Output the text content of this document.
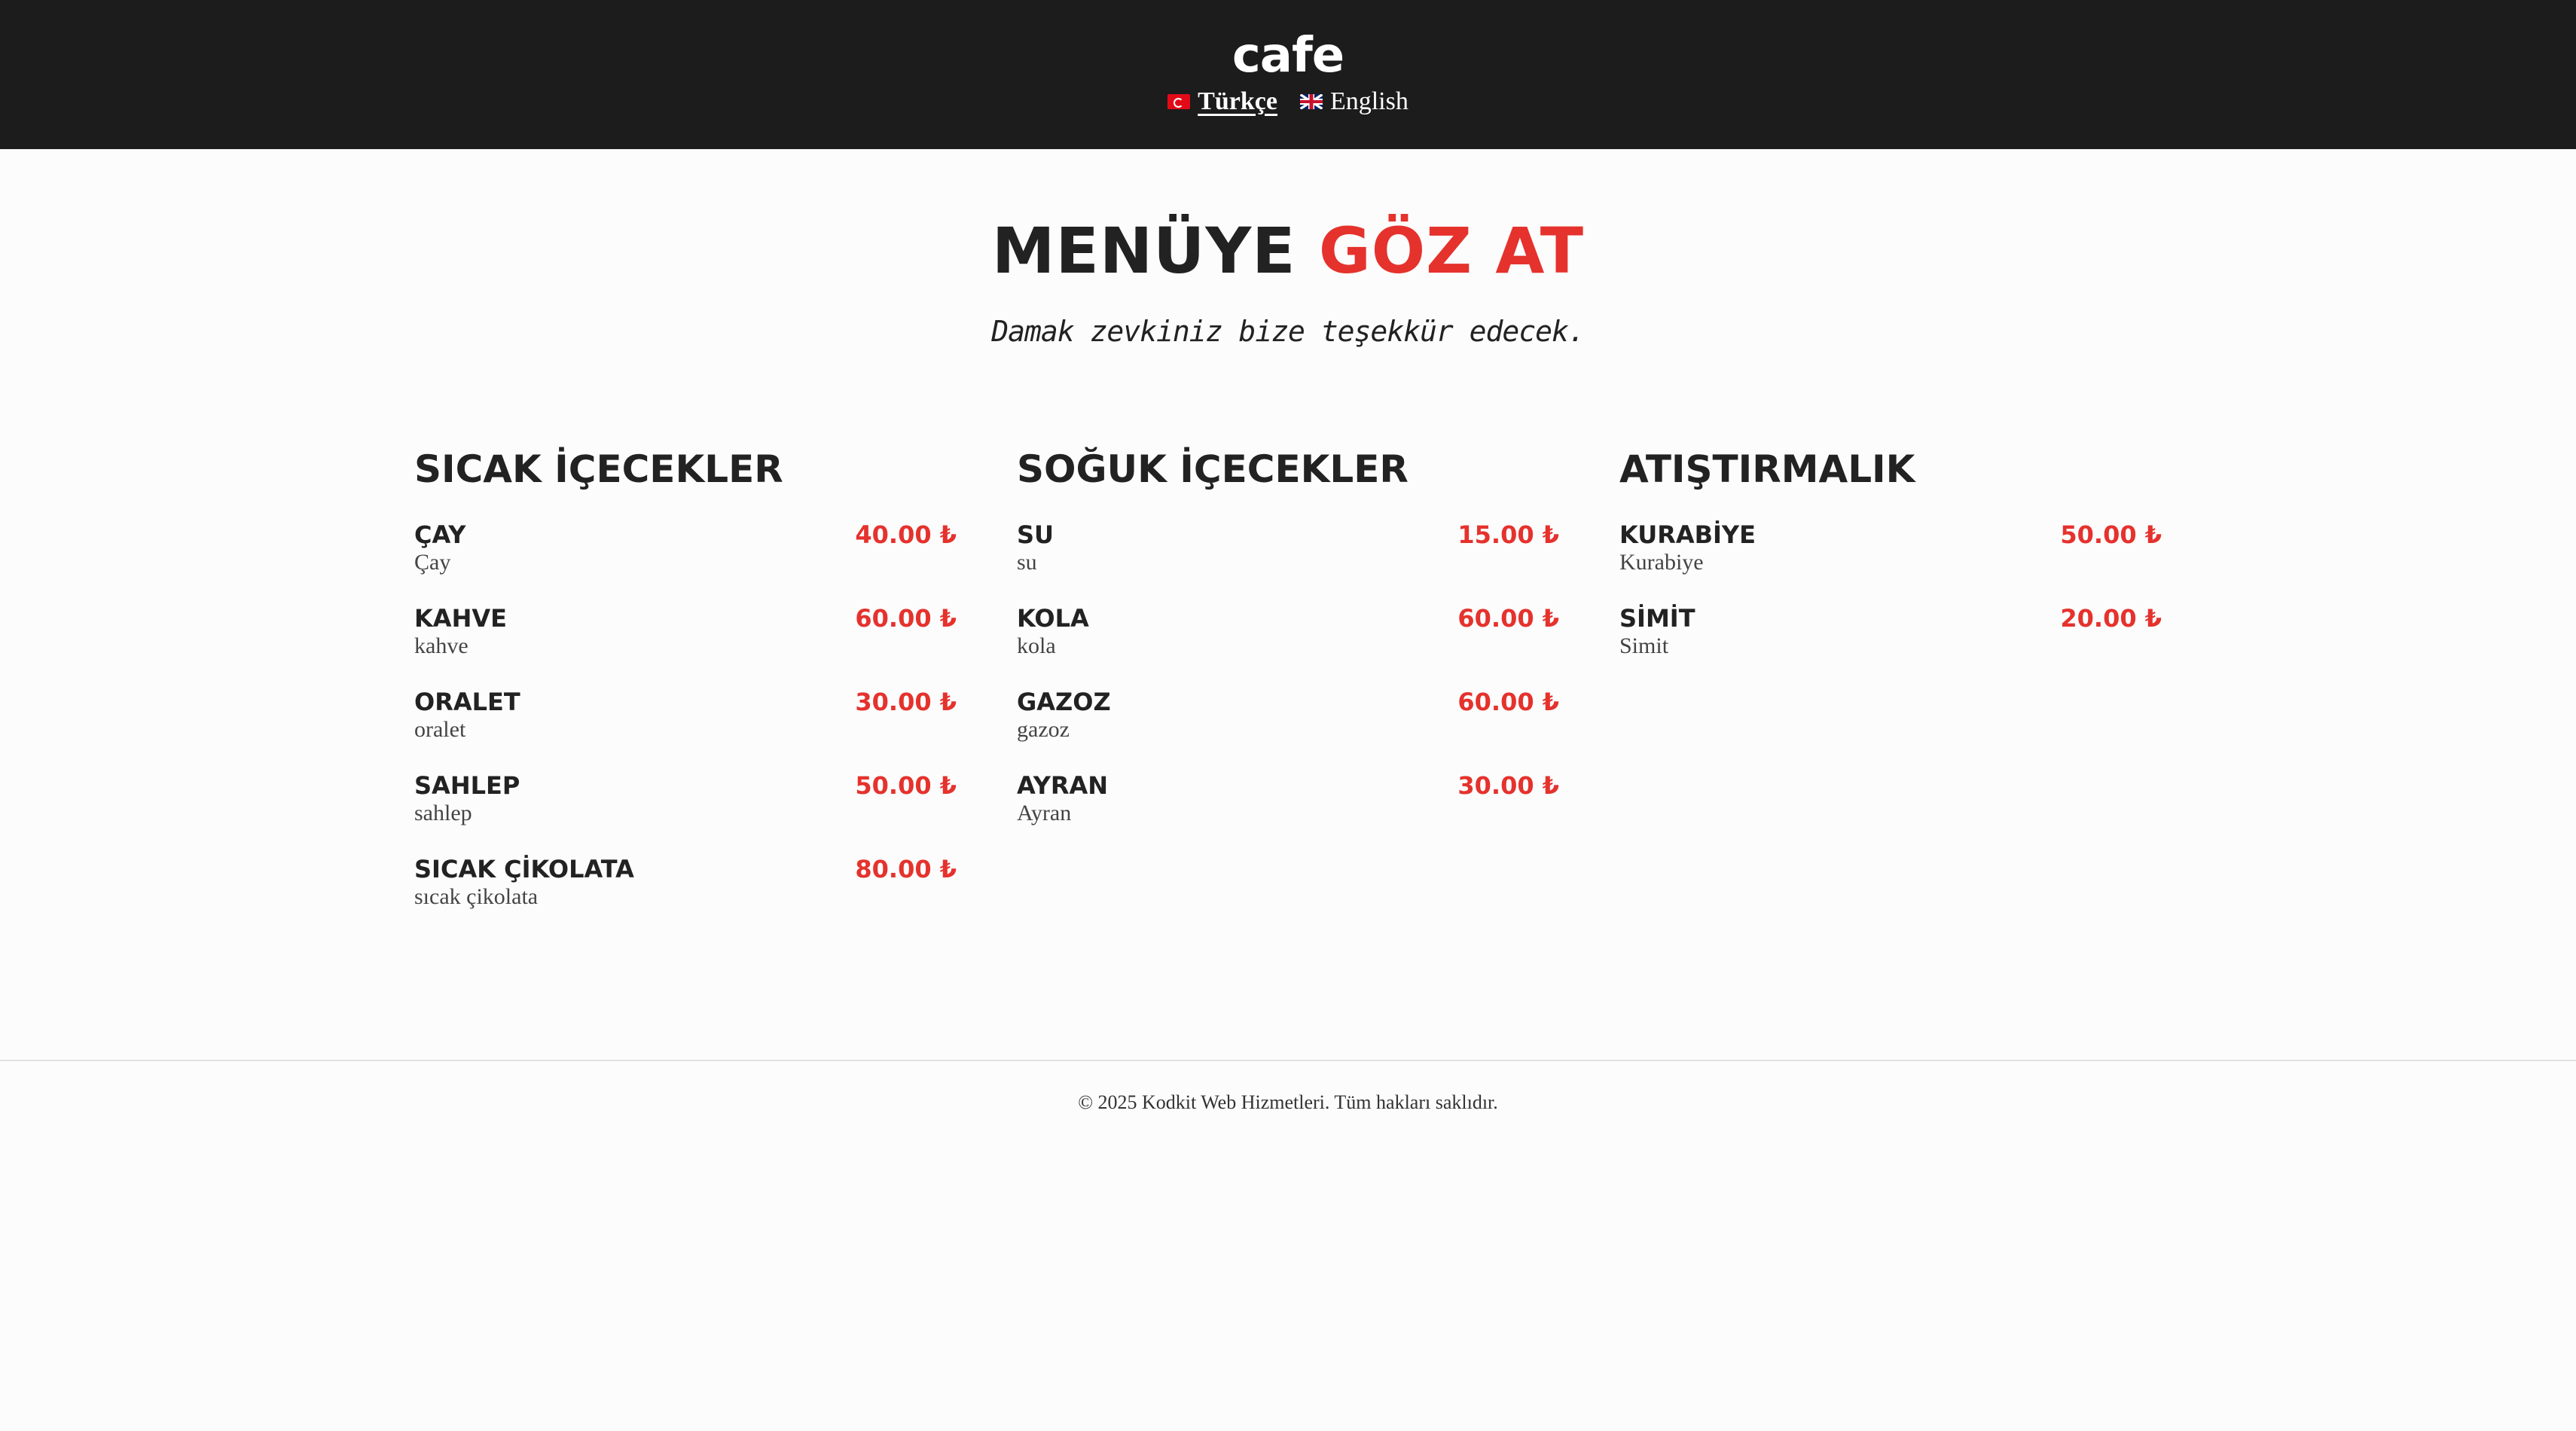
cafe
Türkçe English
MENÜYE GÖZ AT
Damak zevkiniz bize teşekkür edecek.
SICAK İÇECEKLER
ÇAY
Çay
40.00 ₺
KAHVE
kahve
60.00 ₺
ORALET
oralet
30.00 ₺
SAHLEP
sahlep
50.00 ₺
SICAK ÇİKOLATA
sıcak çikolata
80.00 ₺
SOĞUK İÇECEKLER
SU
su
15.00 ₺
KOLA
kola
60.00 ₺
GAZOZ
gazoz
60.00 ₺
AYRAN
Ayran
30.00 ₺
ATIŞTIRMALIK
KURABİYE
Kurabiye
50.00 ₺
SİMİT
Simit
20.00 ₺
© 2025 Kodkit Web Hizmetleri. Tüm hakları saklıdır.
